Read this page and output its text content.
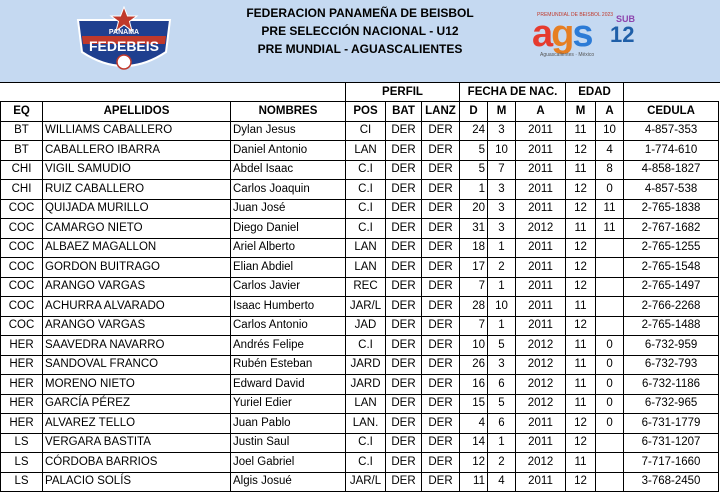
PANAMA
FEDEBEIS
FEDERACION PANAMEÑA DE BEISBOL
PRE SELECCIÓN NACIONAL - U12
PRE MUNDIAL - AGUASCALIENTES
PREMUNDIAL DE BEISBOL 2023
ags	SUB
12
Aguascalientes · México
			PERFIL			FECHA DE NAC.			EDAD		
EQ	APELLIDOS	NOMBRES	POS	BAT	LANZ	D	M	A	M	A	CEDULA
BT	WILLIAMS CABALLERO	Dylan Jesus	CI	DER	DER	24	3	2011	11	10	4-857-353
BT	CABALLERO IBARRA	Daniel Antonio	LAN	DER	DER	5	10	2011	12	4	1-774-610
CHI	VIGIL SAMUDIO	Abdel Isaac	C.I	DER	DER	5	7	2011	11	8	4-858-1827
CHI	RUIZ CABALLERO	Carlos Joaquin	C.I	DER	DER	1	3	2011	12	0	4-857-538
COC	QUIJADA MURILLO	Juan José	C.I	DER	DER	20	3	2011	12	11	2-765-1838
COC	CAMARGO NIETO	Diego Daniel	C.I	DER	DER	31	3	2012	11	11	2-767-1682
COC	ALBAEZ MAGALLON	Ariel Alberto	LAN	DER	DER	18	1	2011	12		2-765-1255
COC	GORDON BUITRAGO	Elian Abdiel	LAN	DER	DER	17	2	2011	12		2-765-1548
COC	ARANGO VARGAS	Carlos Javier	REC	DER	DER	7	1	2011	12		2-765-1497
COC	ACHURRA ALVARADO	Isaac Humberto	JAR/L	DER	DER	28	10	2011	11		2-766-2268
COC	ARANGO VARGAS	Carlos Antonio	JAD	DER	DER	7	1	2011	12		2-765-1488
HER	SAAVEDRA NAVARRO	Andrés Felipe	C.I	DER	DER	10	5	2012	11	0	6-732-959
HER	SANDOVAL FRANCO	Rubén Esteban	JARD	DER	DER	26	3	2012	11	0	6-732-793
HER	MORENO NIETO	Edward David	JARD	DER	DER	16	6	2012	11	0	6-732-1186
HER	GARCÍA PÉREZ	Yuriel Edier	LAN	DER	DER	15	5	2012	11	0	6-732-965
HER	ALVAREZ TELLO	Juan Pablo	LAN.	DER	DER	4	6	2011	12	0	6-731-1779
LS	VERGARA BASTITA	Justin Saul	C.I	DER	DER	14	1	2011	12		6-731-1207
LS	CÓRDOBA BARRIOS	Joel Gabriel	C.I	DER	DER	12	2	2012	11		7-717-1660
LS	PALACIO SOLÍS	Algis Josué	JAR/L	DER	DER	11	4	2011	12		3-768-2450
